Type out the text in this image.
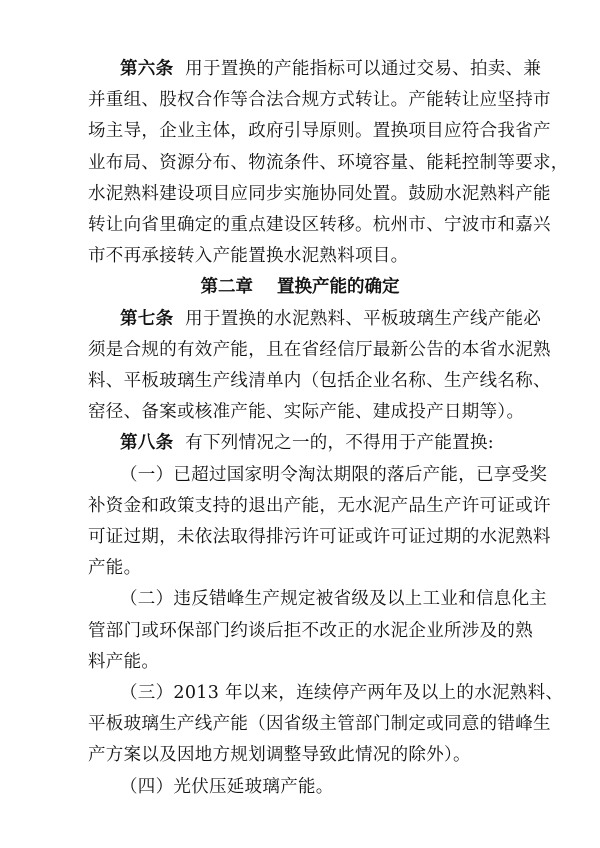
第六条 用于置换的产能指标可以通过交易、拍卖、兼
并重组、股权合作等合法合规方式转让。产能转让应坚持市
场主导，企业主体，政府引导原则。置换项目应符合我省产
业布局、资源分布、物流条件、环境容量、能耗控制等要求，
水泥熟料建设项目应同步实施协同处置。鼓励水泥熟料产能
转让向省里确定的重点建设区转移。杭州市、宁波市和嘉兴
市不再承接转入产能置换水泥熟料项目。
第二章 置换产能的确定
第七条 用于置换的水泥熟料、平板玻璃生产线产能必
须是合规的有效产能，且在省经信厅最新公告的本省水泥熟
料、平板玻璃生产线清单内（包括企业名称、生产线名称、
窑径、备案或核准产能、实际产能、建成投产日期等）。
第八条 有下列情况之一的，不得用于产能置换:
（一）已超过国家明令淘汰期限的落后产能，已享受奖
补资金和政策支持的退出产能，无水泥产品生产许可证或许
可证过期，未依法取得排污许可证或许可证过期的水泥熟料
产能。
（二）违反错峰生产规定被省级及以上工业和信息化主
管部门或环保部门约谈后拒不改正的水泥企业所涉及的熟
料产能。
（三）2013 年以来，连续停产两年及以上的水泥熟料、
平板玻璃生产线产能（因省级主管部门制定或同意的错峰生
产方案以及因地方规划调整导致此情况的除外）。
（四）光伏压延玻璃产能。
